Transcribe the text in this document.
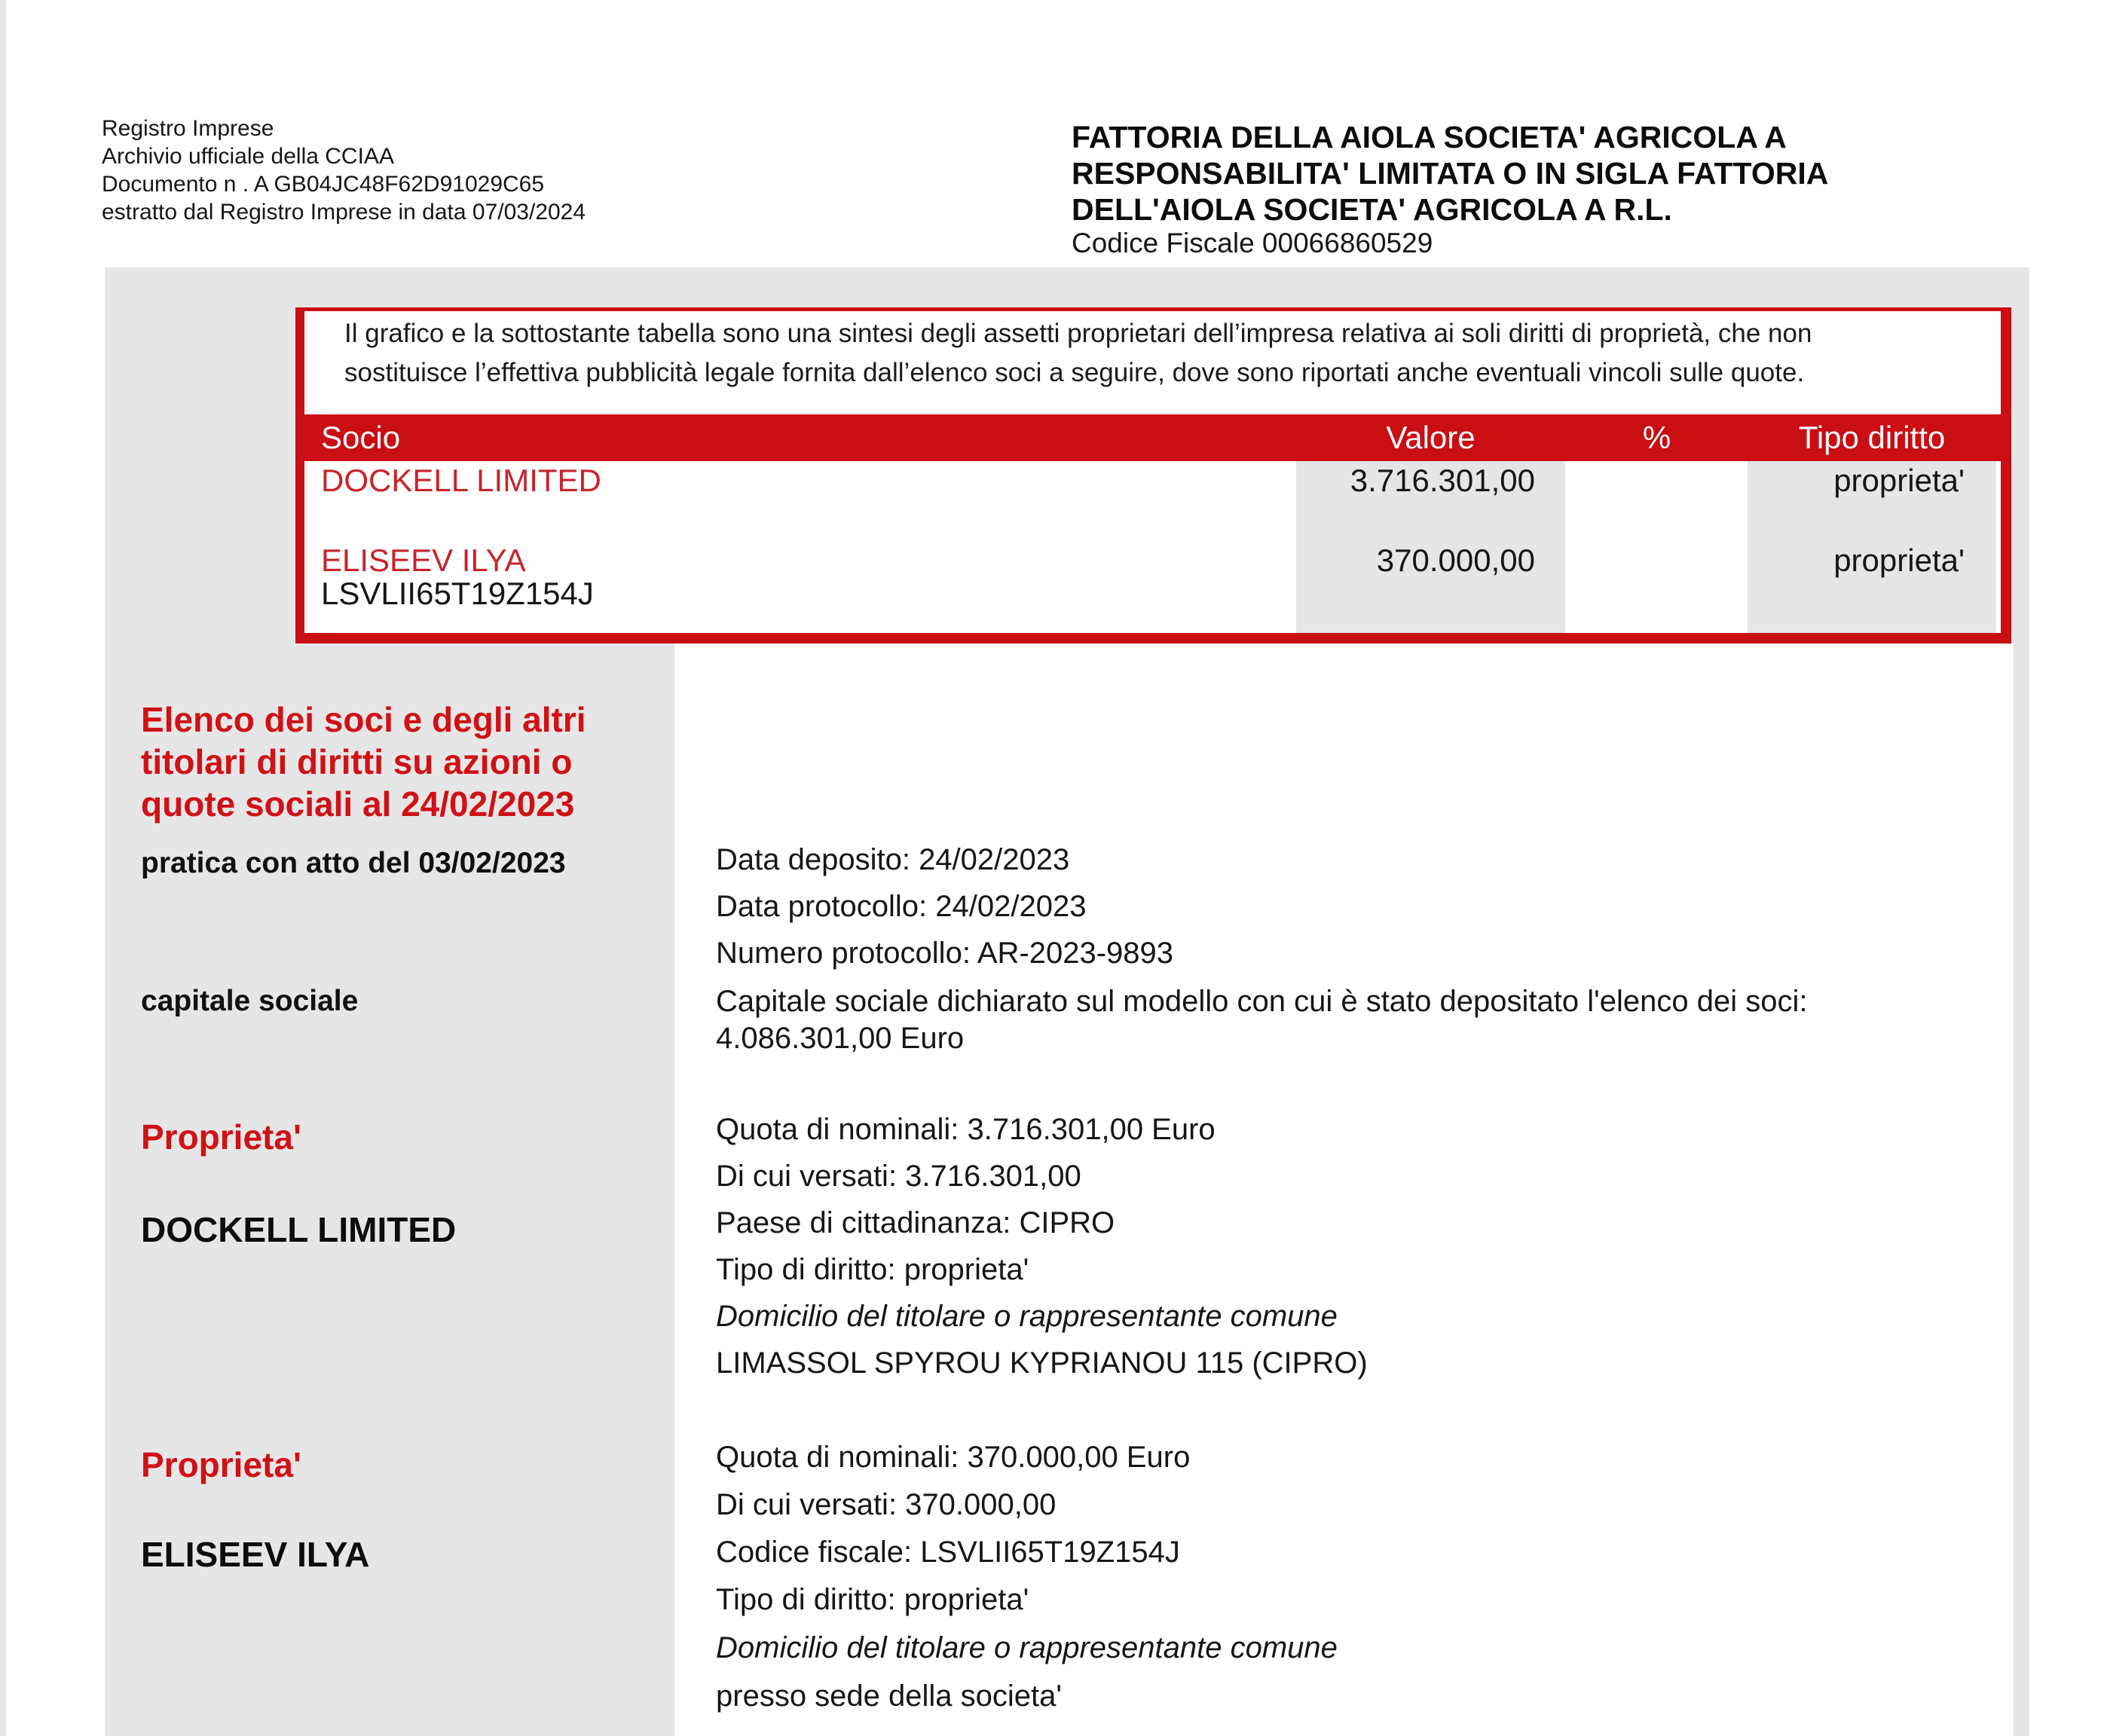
Registro Imprese
Archivio ufficiale della CCIAA
Documento n . A GB04JC48F62D91029C65
estratto dal Registro Imprese in data 07/03/2024
FATTORIA DELLA AIOLA SOCIETA' AGRICOLA A
RESPONSABILITA' LIMITATA O IN SIGLA FATTORIA
DELL'AIOLA SOCIETA' AGRICOLA A R.L.
Codice Fiscale 00066860529
Il grafico e la sottostante tabella sono una sintesi degli assetti proprietari dell’impresa relativa ai soli diritti di proprietà, che non
sostituisce l’effettiva pubblicità legale fornita dall’elenco soci a seguire, dove sono riportati anche eventuali vincoli sulle quote.
Socio	Valore	%	Tipo diritto
DOCKELL LIMITED	3.716.301,00	proprieta'
ELISEEV ILYA
LSVLII65T19Z154J
370.000,00	proprieta'
Elenco dei soci e degli altri
titolari di diritti su azioni o
quote sociali al 24/02/2023
pratica con atto del 03/02/2023
capitale sociale
Proprieta'
DOCKELL LIMITED
Proprieta'
ELISEEV ILYA
Data deposito: 24/02/2023
Data protocollo: 24/02/2023
Numero protocollo: AR-2023-9893
Capitale sociale dichiarato sul modello con cui è stato depositato l'elenco dei soci:
4.086.301,00 Euro
Quota di nominali: 3.716.301,00 Euro
Di cui versati: 3.716.301,00
Paese di cittadinanza: CIPRO
Tipo di diritto: proprieta'
Domicilio del titolare o rappresentante comune
LIMASSOL SPYROU KYPRIANOU 115 (CIPRO)
Quota di nominali: 370.000,00 Euro
Di cui versati: 370.000,00
Codice fiscale: LSVLII65T19Z154J
Tipo di diritto: proprieta'
Domicilio del titolare o rappresentante comune
presso sede della societa'
